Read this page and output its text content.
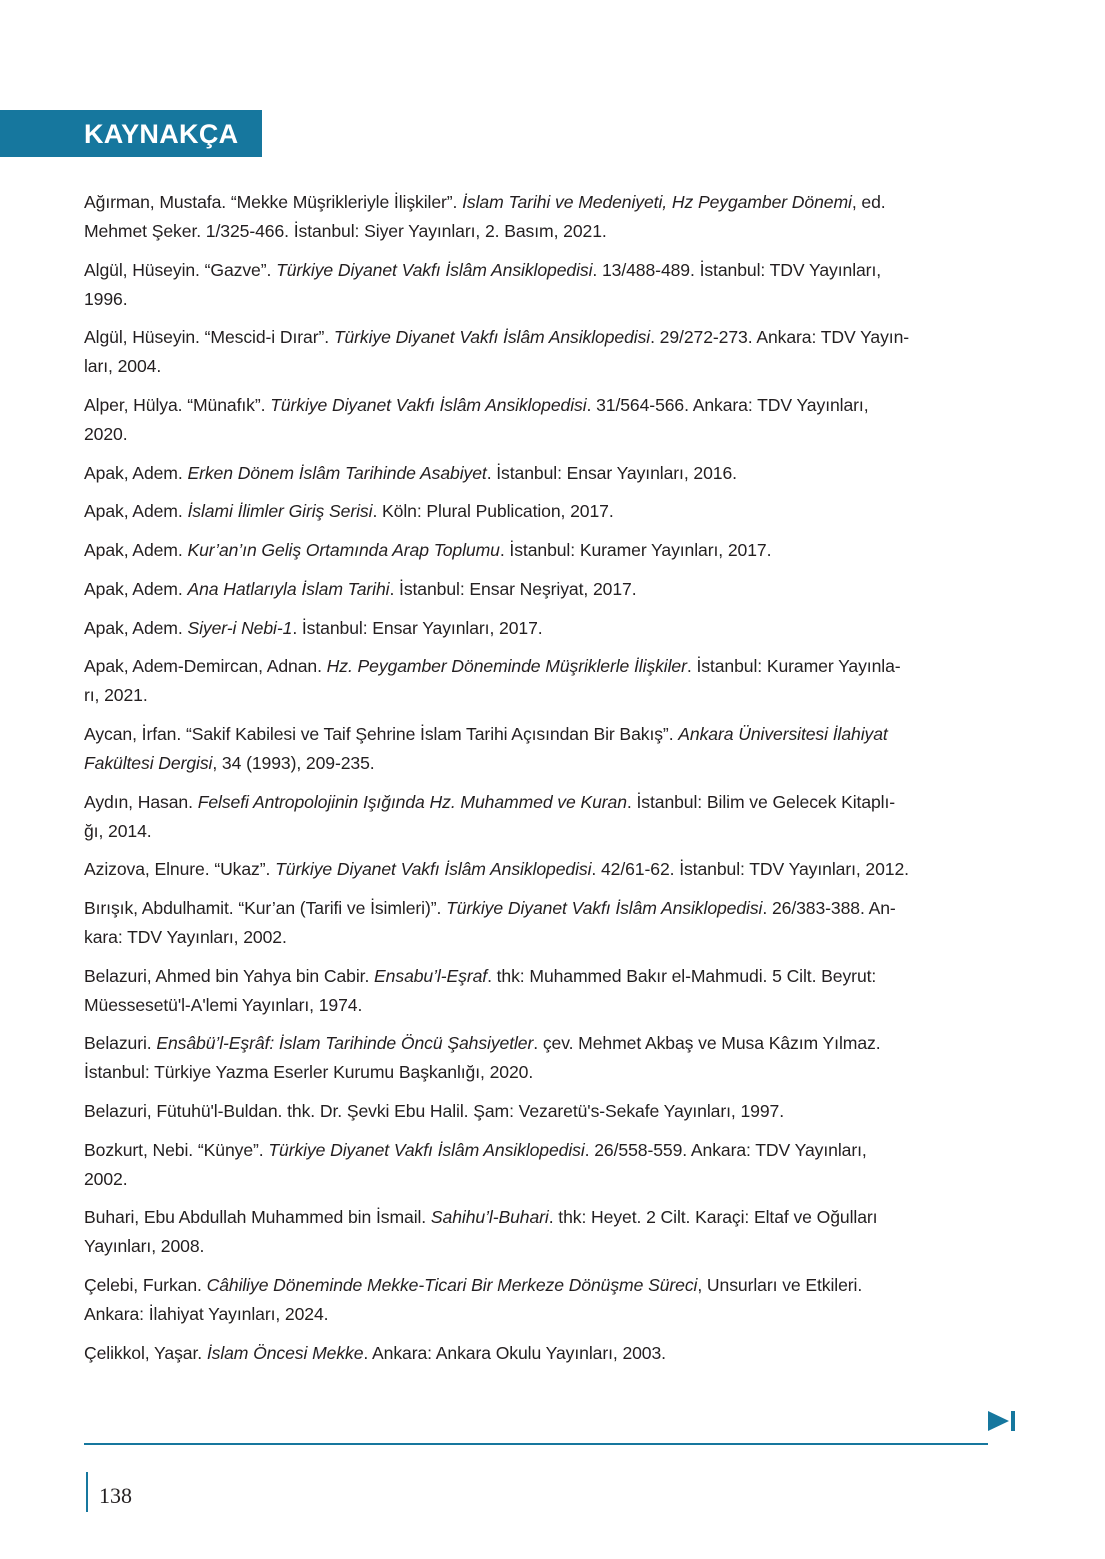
KAYNAKÇA
Ağırman, Mustafa. “Mekke Müşrikleriyle İlişkiler”. İslam Tarihi ve Medeniyeti, Hz Peygamber Dönemi, ed.
Mehmet Şeker. 1/325-466. İstanbul: Siyer Yayınları, 2. Basım, 2021.
Algül, Hüseyin. “Gazve”. Türkiye Diyanet Vakfı İslâm Ansiklopedisi. 13/488-489. İstanbul: TDV Yayınları,
1996.
Algül, Hüseyin. “Mescid-i Dırar”. Türkiye Diyanet Vakfı İslâm Ansiklopedisi. 29/272-273. Ankara: TDV Yayın-
ları, 2004.
Alper, Hülya. “Münafık”. Türkiye Diyanet Vakfı İslâm Ansiklopedisi. 31/564-566. Ankara: TDV Yayınları,
2020.
Apak, Adem. Erken Dönem İslâm Tarihinde Asabiyet. İstanbul: Ensar Yayınları, 2016.
Apak, Adem. İslami İlimler Giriş Serisi. Köln: Plural Publication, 2017.
Apak, Adem. Kur’an’ın Geliş Ortamında Arap Toplumu. İstanbul: Kuramer Yayınları, 2017.
Apak, Adem. Ana Hatlarıyla İslam Tarihi. İstanbul: Ensar Neşriyat, 2017.
Apak, Adem. Siyer-i Nebi-1. İstanbul: Ensar Yayınları, 2017.
Apak, Adem-Demircan, Adnan. Hz. Peygamber Döneminde Müşriklerle İlişkiler. İstanbul: Kuramer Yayınla-
rı, 2021.
Aycan, İrfan. “Sakif Kabilesi ve Taif Şehrine İslam Tarihi Açısından Bir Bakış”. Ankara Üniversitesi İlahiyat
Fakültesi Dergisi, 34 (1993), 209-235.
Aydın, Hasan. Felsefi Antropolojinin Işığında Hz. Muhammed ve Kuran. İstanbul: Bilim ve Gelecek Kitaplı-
ğı, 2014.
Azizova, Elnure. “Ukaz”. Türkiye Diyanet Vakfı İslâm Ansiklopedisi. 42/61-62. İstanbul: TDV Yayınları, 2012.
Bırışık, Abdulhamit. “Kur’an (Tarifi ve İsimleri)”. Türkiye Diyanet Vakfı İslâm Ansiklopedisi. 26/383-388. An-
kara: TDV Yayınları, 2002.
Belazuri, Ahmed bin Yahya bin Cabir. Ensabu’l-Eşraf. thk: Muhammed Bakır el-Mahmudi. 5 Cilt. Beyrut:
Müessesetü'l-A'lemi Yayınları, 1974.
Belazuri. Ensâbü’l-Eşrâf: İslam Tarihinde Öncü Şahsiyetler. çev. Mehmet Akbaş ve Musa Kâzım Yılmaz.
İstanbul: Türkiye Yazma Eserler Kurumu Başkanlığı, 2020.
Belazuri, Fütuhü'l-Buldan. thk. Dr. Şevki Ebu Halil. Şam: Vezaretü's-Sekafe Yayınları, 1997.
Bozkurt, Nebi. “Künye”. Türkiye Diyanet Vakfı İslâm Ansiklopedisi. 26/558-559. Ankara: TDV Yayınları,
2002.
Buhari, Ebu Abdullah Muhammed bin İsmail. Sahihu’l-Buhari. thk: Heyet. 2 Cilt. Karaçi: Eltaf ve Oğulları
Yayınları, 2008.
Çelebi, Furkan. Câhiliye Döneminde Mekke-Ticari Bir Merkeze Dönüşme Süreci, Unsurları ve Etkileri.
Ankara: İlahiyat Yayınları, 2024.
Çelikkol, Yaşar. İslam Öncesi Mekke. Ankara: Ankara Okulu Yayınları, 2003.
138
